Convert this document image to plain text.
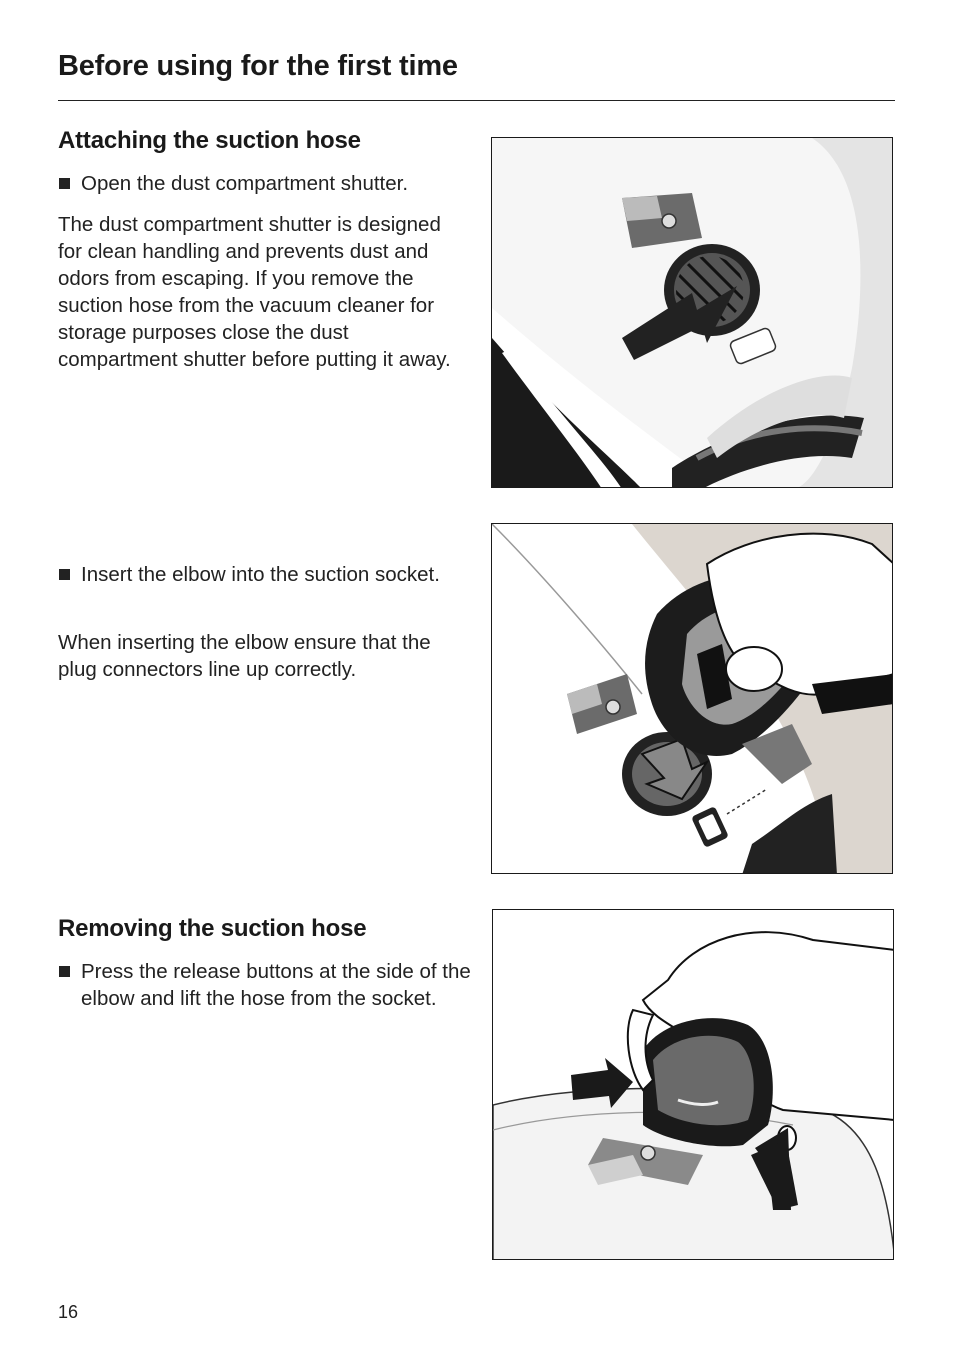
Before using for the first time
Attaching the suction hose
Open the dust compartment shutter.

The dust compartment shutter is designed for clean handling and prevents dust and odors from escaping. If you remove the suction hose from the vacuum cleaner for storage purposes close the dust compartment shutter before putting it away.

Insert the elbow into the suction socket.

When inserting the elbow ensure that the plug connectors line up correctly.

Removing the suction hose
Press the release buttons at the side of the elbow and lift the hose from the socket.
16
